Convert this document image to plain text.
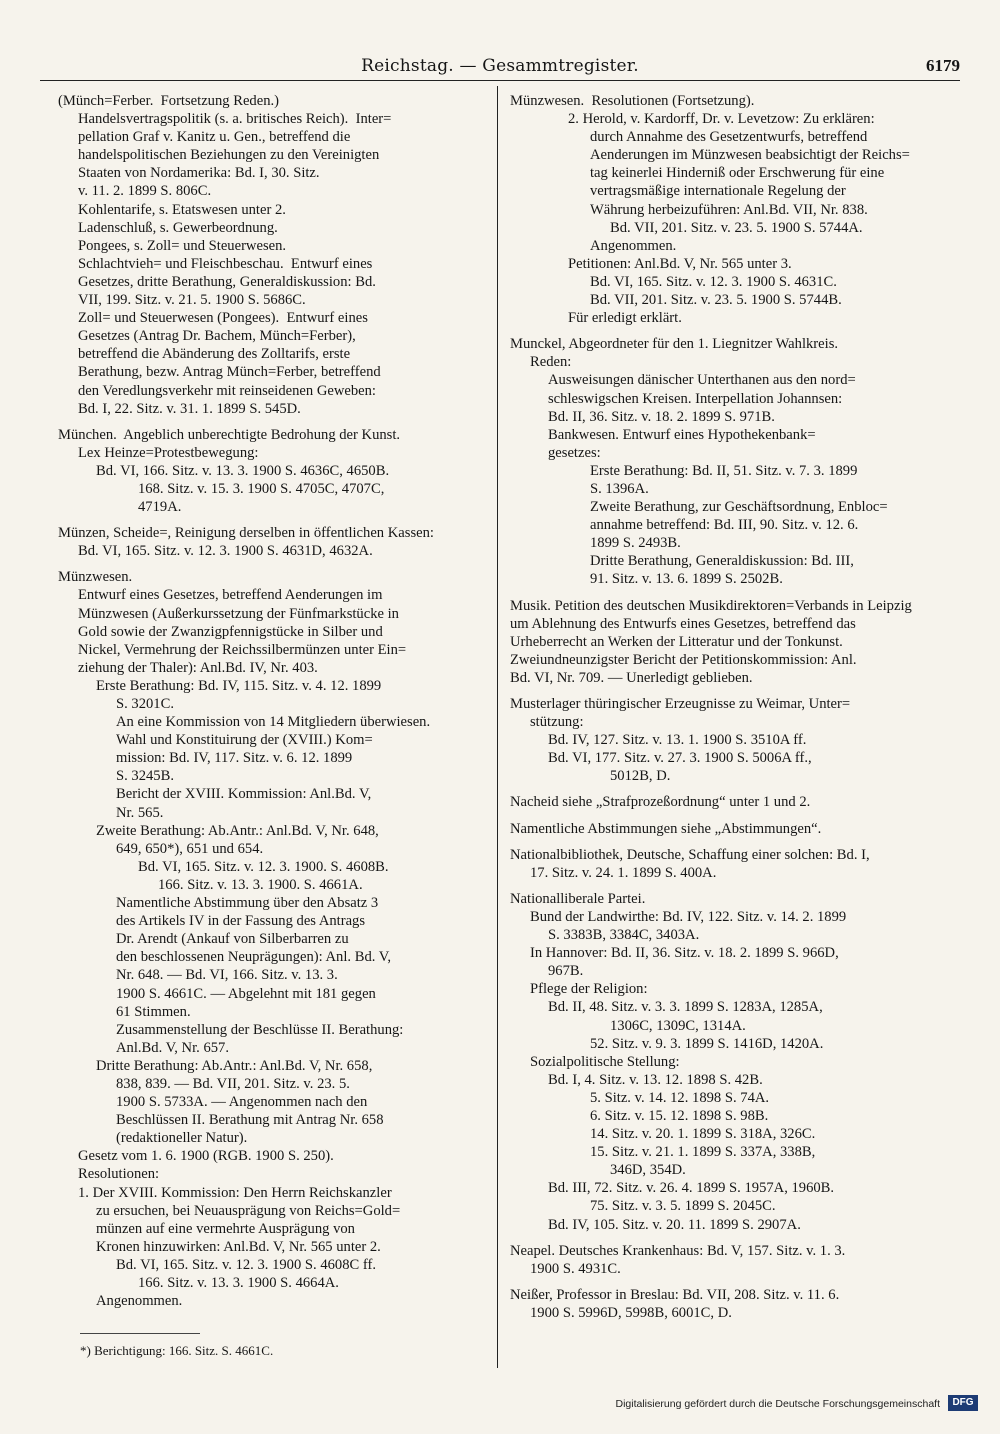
Reichstag. — Gesammtregister.	6179
(Münch=Ferber.  Fortsetzung Reden.)
Handelsvertragspolitik (s. a. britisches Reich).  Inter=
pellation Graf v. Kanitz u. Gen., betreffend die
handelspolitischen Beziehungen zu den Vereinigten
Staaten von Nordamerika: Bd. I, 30. Sitz.
v. 11. 2. 1899 S. 806C.
Kohlentarife, s. Etatswesen unter 2.
Ladenschluß, s. Gewerbeordnung.
Pongees, s. Zoll= und Steuerwesen.
Schlachtvieh= und Fleischbeschau.  Entwurf eines
Gesetzes, dritte Berathung, Generaldiskussion: Bd.
VII, 199. Sitz. v. 21. 5. 1900 S. 5686C.
Zoll= und Steuerwesen (Pongees).  Entwurf eines
Gesetzes (Antrag Dr. Bachem, Münch=Ferber),
betreffend die Abänderung des Zolltarifs, erste
Berathung, bezw. Antrag Münch=Ferber, betreffend
den Veredlungsverkehr mit reinseidenen Geweben:
Bd. I, 22. Sitz. v. 31. 1. 1899 S. 545D.
München.  Angeblich unberechtigte Bedrohung der Kunst.
Lex Heinze=Protestbewegung:
Bd. VI, 166. Sitz. v. 13. 3. 1900 S. 4636C, 4650B.
168. Sitz. v. 15. 3. 1900 S. 4705C, 4707C,
4719A.
Münzen, Scheide=, Reinigung derselben in öffentlichen Kassen:
Bd. VI, 165. Sitz. v. 12. 3. 1900 S. 4631D, 4632A.
Münzwesen.
Entwurf eines Gesetzes, betreffend Aenderungen im
Münzwesen (Außerkurssetzung der Fünfmarkstücke in
Gold sowie der Zwanzigpfennigstücke in Silber und
Nickel, Vermehrung der Reichssilbermünzen unter Ein=
ziehung der Thaler): Anl.Bd. IV, Nr. 403.
Erste Berathung: Bd. IV, 115. Sitz. v. 4. 12. 1899
S. 3201C.
An eine Kommission von 14 Mitgliedern überwiesen.
Wahl und Konstituirung der (XVIII.) Kom=
mission: Bd. IV, 117. Sitz. v. 6. 12. 1899
S. 3245B.
Bericht der XVIII. Kommission: Anl.Bd. V,
Nr. 565.
Zweite Berathung: Ab.Antr.: Anl.Bd. V, Nr. 648,
649, 650*), 651 und 654.
Bd. VI, 165. Sitz. v. 12. 3. 1900. S. 4608B.
166. Sitz. v. 13. 3. 1900. S. 4661A.
Namentliche Abstimmung über den Absatz 3
des Artikels IV in der Fassung des Antrags
Dr. Arendt (Ankauf von Silberbarren zu
den beschlossenen Neuprägungen): Anl. Bd. V,
Nr. 648. — Bd. VI, 166. Sitz. v. 13. 3.
1900 S. 4661C. — Abgelehnt mit 181 gegen
61 Stimmen.
Zusammenstellung der Beschlüsse II. Berathung:
Anl.Bd. V, Nr. 657.
Dritte Berathung: Ab.Antr.: Anl.Bd. V, Nr. 658,
838, 839. — Bd. VII, 201. Sitz. v. 23. 5.
1900 S. 5733A. — Angenommen nach den
Beschlüssen II. Berathung mit Antrag Nr. 658
(redaktioneller Natur).
Gesetz vom 1. 6. 1900 (RGB. 1900 S. 250).
Resolutionen:
1. Der XVIII. Kommission: Den Herrn Reichskanzler
zu ersuchen, bei Neuausprägung von Reichs=Gold=
münzen auf eine vermehrte Ausprägung von
Kronen hinzuwirken: Anl.Bd. V, Nr. 565 unter 2.
Bd. VI, 165. Sitz. v. 12. 3. 1900 S. 4608C ff.
166. Sitz. v. 13. 3. 1900 S. 4664A.
Angenommen.
Münzwesen.  Resolutionen (Fortsetzung).
2. Herold, v. Kardorff, Dr. v. Levetzow: Zu erklären:
durch Annahme des Gesetzentwurfs, betreffend
Aenderungen im Münzwesen beabsichtigt der Reichs=
tag keinerlei Hinderniß oder Erschwerung für eine
vertragsmäßige internationale Regelung der
Währung herbeizuführen: Anl.Bd. VII, Nr. 838.
Bd. VII, 201. Sitz. v. 23. 5. 1900 S. 5744A.
Angenommen.
Petitionen: Anl.Bd. V, Nr. 565 unter 3.
Bd. VI, 165. Sitz. v. 12. 3. 1900 S. 4631C.
Bd. VII, 201. Sitz. v. 23. 5. 1900 S. 5744B.
Für erledigt erklärt.
Munckel, Abgeordneter für den 1. Liegnitzer Wahlkreis.
Reden:
Ausweisungen dänischer Unterthanen aus den nord=
schleswigschen Kreisen. Interpellation Johannsen:
Bd. II, 36. Sitz. v. 18. 2. 1899 S. 971B.
Bankwesen. Entwurf eines Hypothekenbank=
gesetzes:
Erste Berathung: Bd. II, 51. Sitz. v. 7. 3. 1899
S. 1396A.
Zweite Berathung, zur Geschäftsordnung, Enbloc=
annahme betreffend: Bd. III, 90. Sitz. v. 12. 6.
1899 S. 2493B.
Dritte Berathung, Generaldiskussion: Bd. III,
91. Sitz. v. 13. 6. 1899 S. 2502B.
Musik. Petition des deutschen Musikdirektoren=Verbands in Leipzig
um Ablehnung des Entwurfs eines Gesetzes, betreffend das
Urheberrecht an Werken der Litteratur und der Tonkunst.
Zweiundneunzigster Bericht der Petitionskommission: Anl.
Bd. VI, Nr. 709. — Unerledigt geblieben.
Musterlager thüringischer Erzeugnisse zu Weimar, Unter=
stützung:
Bd. IV, 127. Sitz. v. 13. 1. 1900 S. 3510A ff.
Bd. VI, 177. Sitz. v. 27. 3. 1900 S. 5006A ff.,
5012B, D.
Nacheid siehe „Strafprozeßordnung“ unter 1 und 2.
Namentliche Abstimmungen siehe „Abstimmungen“.
Nationalbibliothek, Deutsche, Schaffung einer solchen: Bd. I,
17. Sitz. v. 24. 1. 1899 S. 400A.
Nationalliberale Partei.
Bund der Landwirthe: Bd. IV, 122. Sitz. v. 14. 2. 1899
S. 3383B, 3384C, 3403A.
In Hannover: Bd. II, 36. Sitz. v. 18. 2. 1899 S. 966D,
967B.
Pflege der Religion:
Bd. II, 48. Sitz. v. 3. 3. 1899 S. 1283A, 1285A,
1306C, 1309C, 1314A.
52. Sitz. v. 9. 3. 1899 S. 1416D, 1420A.
Sozialpolitische Stellung:
Bd. I, 4. Sitz. v. 13. 12. 1898 S. 42B.
5. Sitz. v. 14. 12. 1898 S. 74A.
6. Sitz. v. 15. 12. 1898 S. 98B.
14. Sitz. v. 20. 1. 1899 S. 318A, 326C.
15. Sitz. v. 21. 1. 1899 S. 337A, 338B,
346D, 354D.
Bd. III, 72. Sitz. v. 26. 4. 1899 S. 1957A, 1960B.
75. Sitz. v. 3. 5. 1899 S. 2045C.
Bd. IV, 105. Sitz. v. 20. 11. 1899 S. 2907A.
Neapel. Deutsches Krankenhaus: Bd. V, 157. Sitz. v. 1. 3.
1900 S. 4931C.
Neißer, Professor in Breslau: Bd. VII, 208. Sitz. v. 11. 6.
1900 S. 5996D, 5998B, 6001C, D.
*) Berichtigung: 166. Sitz. S. 4661C.
Digitalisierung gefördert durch die Deutsche Forschungsgemeinschaft	DFG
